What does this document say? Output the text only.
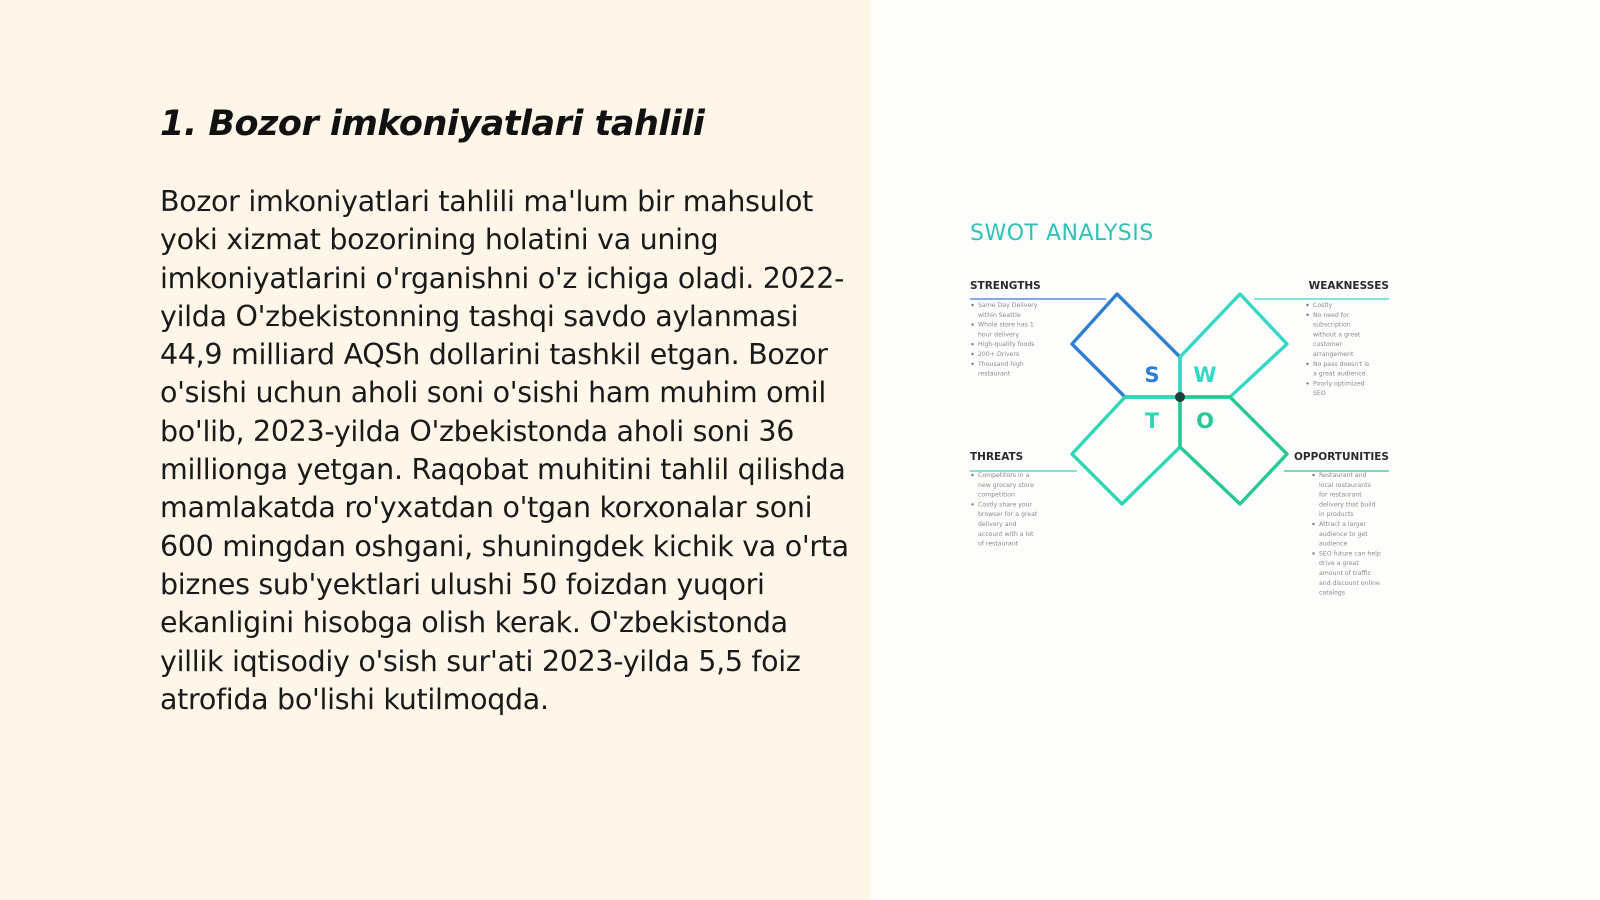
1. Bozor imkoniyatlari tahlili

Bozor imkoniyatlari tahlili ma'lum bir mahsulot yoki xizmat bozorining holatini va uning imkoniyatlarini o'rganishni o'z ichiga oladi. 2022-yilda O'zbekistonning tashqi savdo aylanmasi 44,9 milliard AQSh dollarini tashkil etgan. Bozor o'sishi uchun aholi soni o'sishi ham muhim omil bo'lib, 2023-yilda O'zbekistonda aholi soni 36 millionga yetgan. Raqobat muhitini tahlil qilishda mamlakatda ro'yxatdan o'tgan korxonalar soni 600 mingdan oshgani, shuningdek kichik va o'rta biznes sub'yektlari ulushi 50 foizdan yuqori ekanligini hisobga olish kerak. O'zbekistonda yillik iqtisodiy o'sish sur'ati 2023-yilda 5,5 foiz atrofida bo'lishi kutilmoqda.

SWOT ANALYSIS
STRENGTHS	WEAKNESSES
THREATS	OPPORTUNITIES
S W
T O
Same Day Delivery within Seattle
Whole store has 1 hour delivery
High-quality foods
200+ Drivers
Thousand high restaurant
Costly
No need for subscription without a great customer arrangement
No pass doesn't is a great audience
Poorly optimized SEO
Competitors in a new grocery store competition
Costly share your browser for a great delivery and account with a lot of restaurant
Restaurant and local restaurants for restaurant delivery that build in products
Attract a larger audience to get audience
SEO future can help drive a great amount of traffic and discount online catalogs
